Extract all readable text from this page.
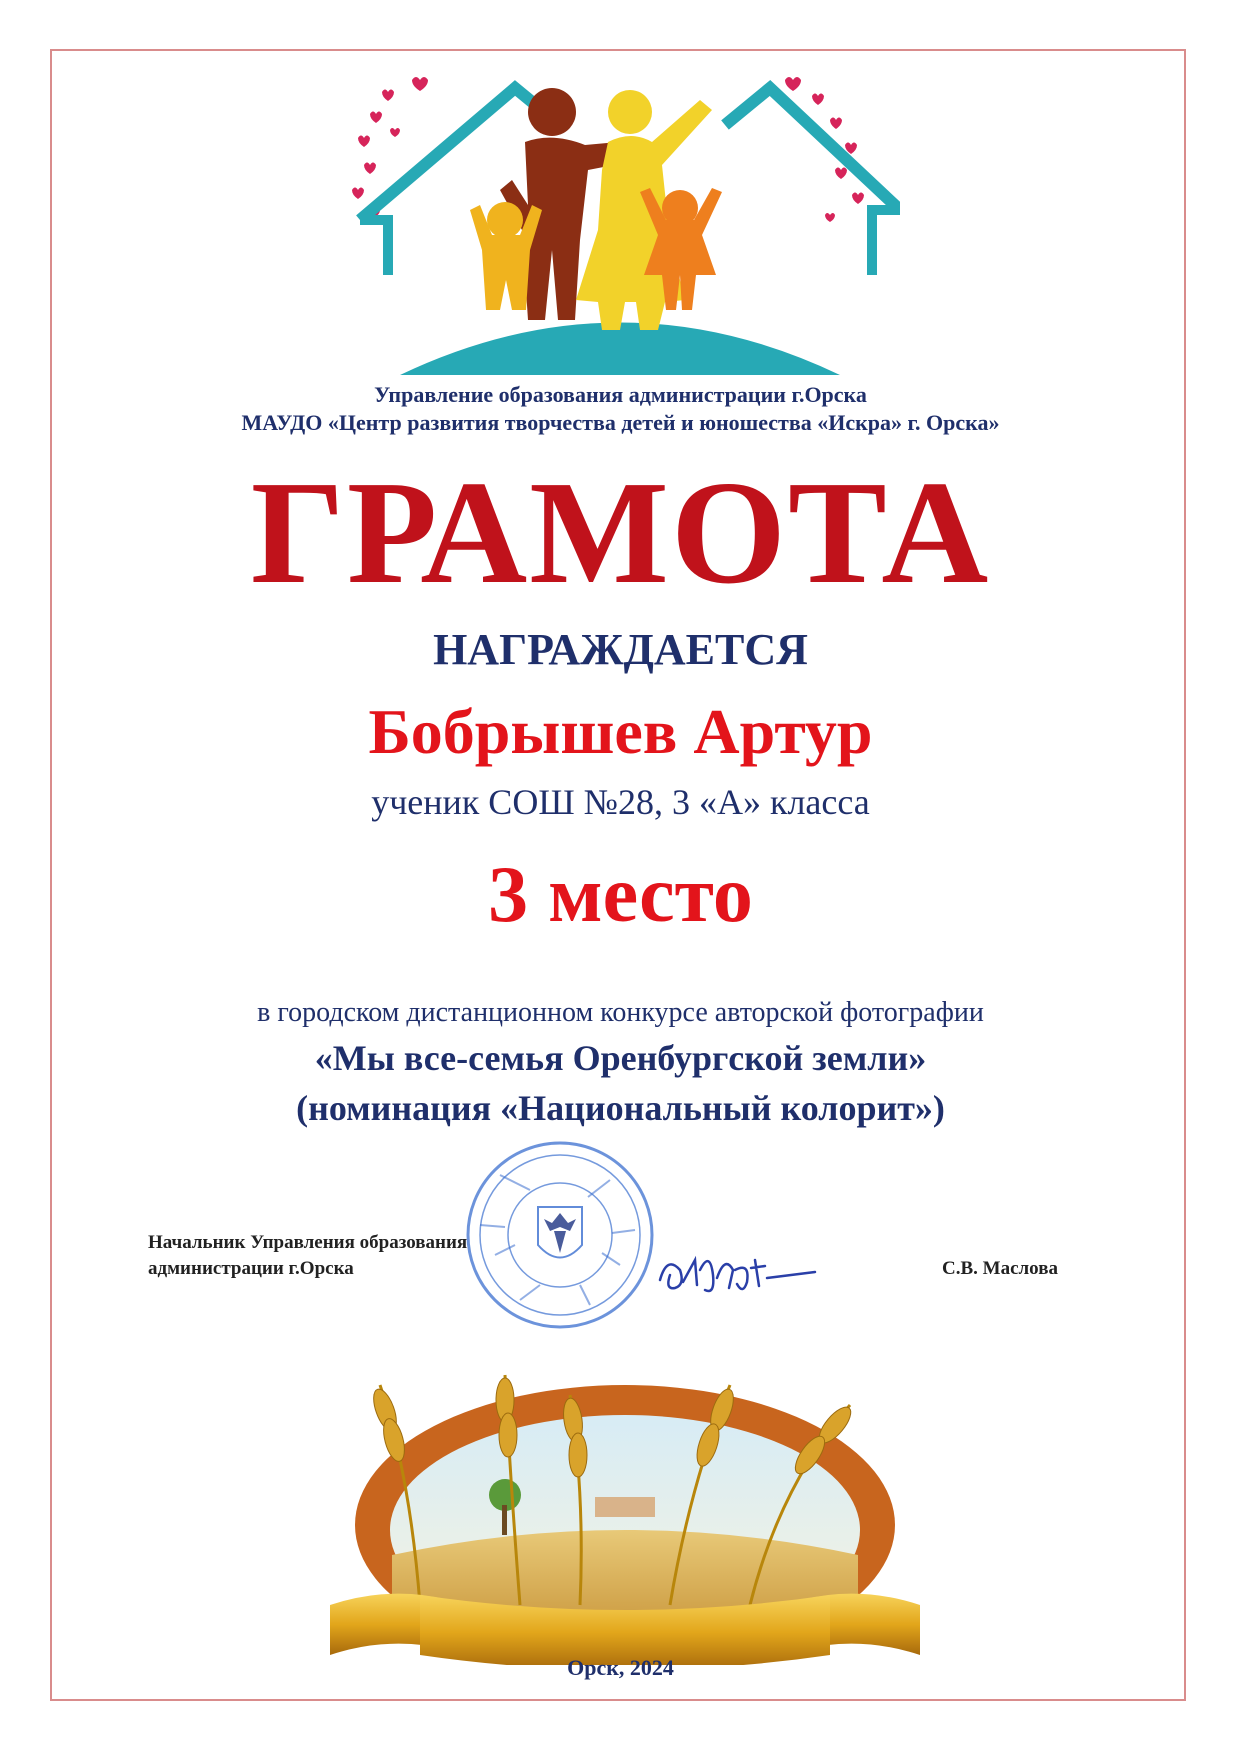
Управление образования администрации г.Орска
МАУДО «Центр развития творчества детей и юношества «Искра» г. Орска»
ГРАМОТА
НАГРАЖДАЕТСЯ
Бобрышев Артур
ученик СОШ №28, 3 «А» класса
3 место
в городском дистанционном конкурсе авторской фотографии
«Мы все-семья Оренбургской земли»
(номинация «Национальный колорит»)
Начальник Управления образования
администрации г.Орска	С.В. Маслова
Орск, 2024
